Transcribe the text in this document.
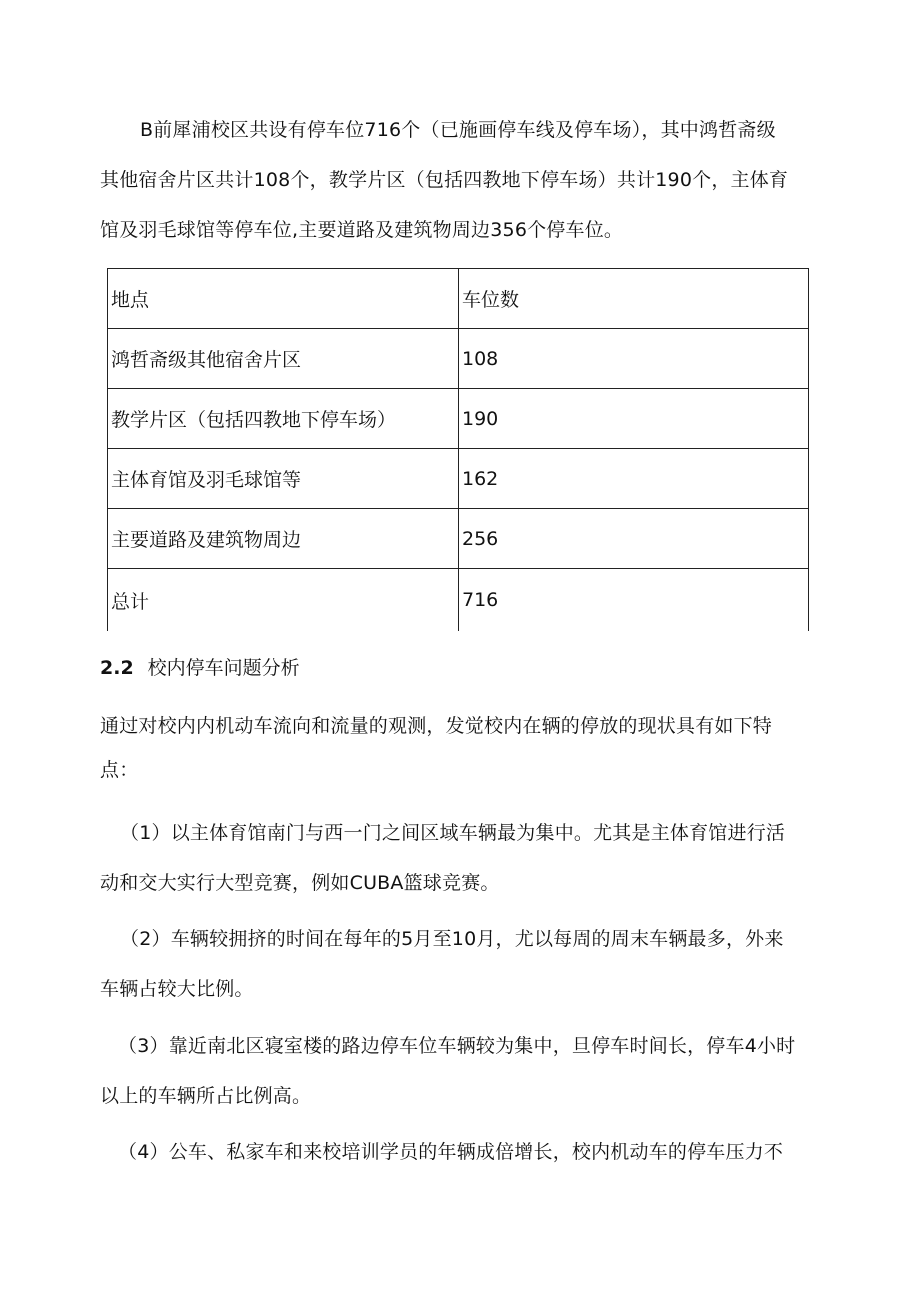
B前犀浦校区共设有停车位716个（已施画停车线及停车场），其中鸿哲斋级
其他宿舍片区共计108个，教学片区（包括四教地下停车场）共计190个，主体育
馆及羽毛球馆等停车位,主要道路及建筑物周边356个停车位。
地点	车位数
鸿哲斋级其他宿舍片区	108
教学片区（包括四教地下停车场）	190
主体育馆及羽毛球馆等	162
主要道路及建筑物周边	256
总计	716
2.2 校内停车问题分析
通过对校内内机动车流向和流量的观测，发觉校内在辆的停放的现状具有如下特
点：
（1）以主体育馆南门与西一门之间区域车辆最为集中。尤其是主体育馆进行活
动和交大实行大型竞赛，例如CUBA篮球竞赛。
（2）车辆较拥挤的时间在每年的5月至10月，尤以每周的周末车辆最多，外来
车辆占较大比例。
（3）靠近南北区寝室楼的路边停车位车辆较为集中，旦停车时间长，停车4小时
以上的车辆所占比例高。
（4）公车、私家车和来校培训学员的年辆成倍增长，校内机动车的停车压力不
